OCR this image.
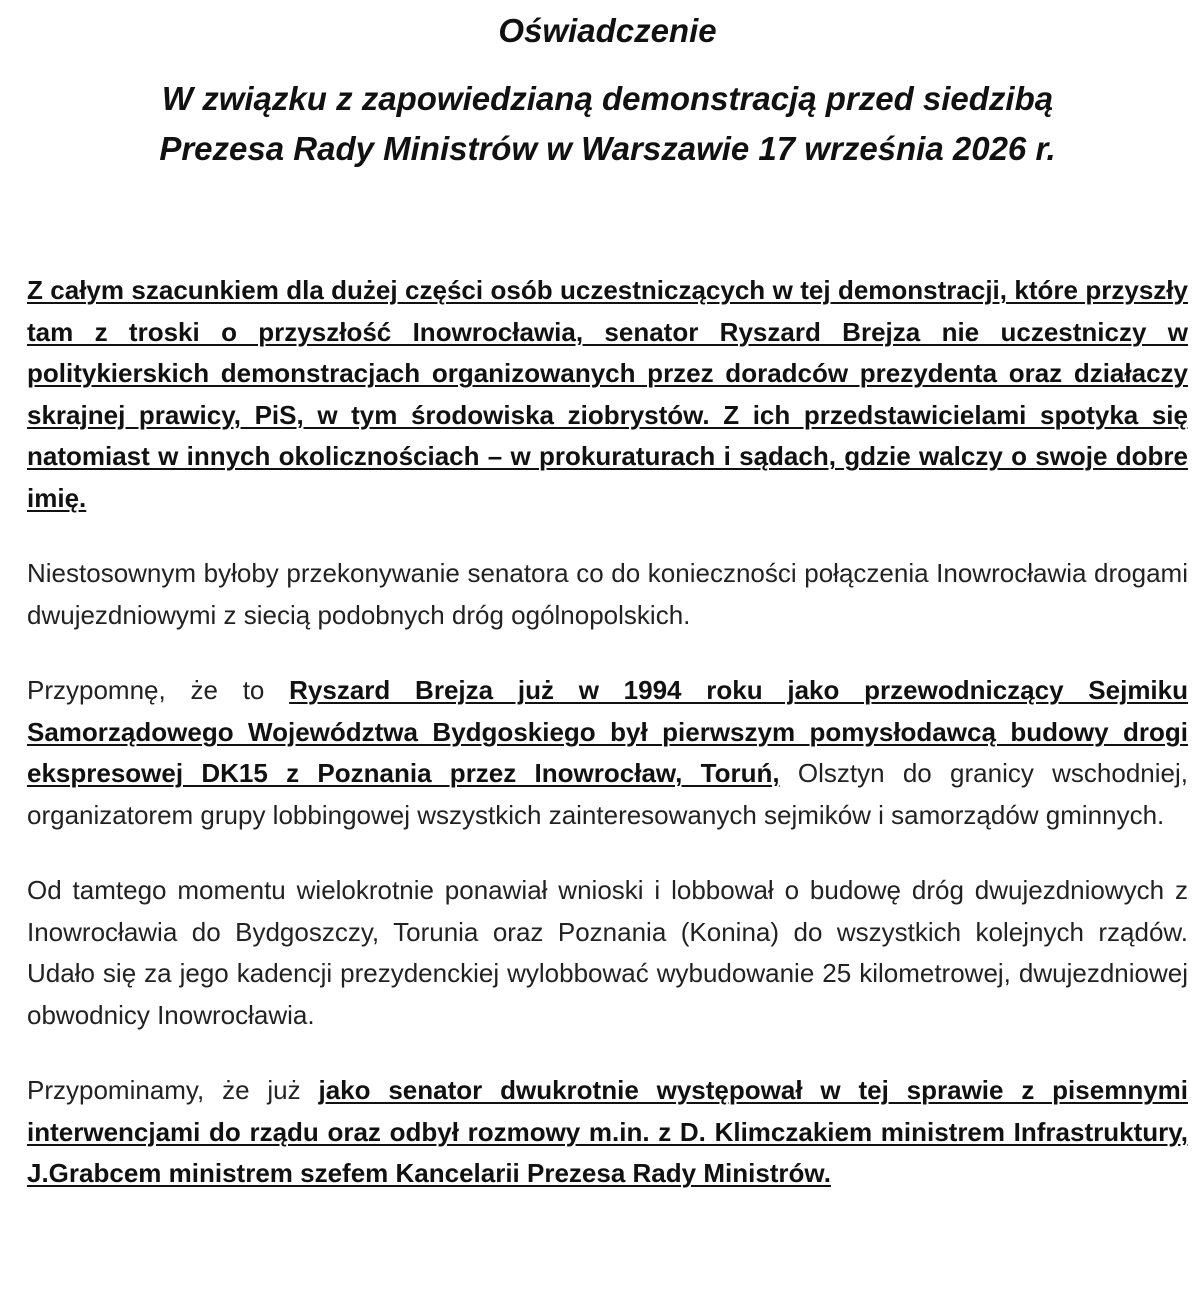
Oświadczenie
W związku z zapowiedzianą demonstracją przed siedzibą
Prezesa Rady Ministrów w Warszawie 17 września 2026 r.

Z całym szacunkiem dla dużej części osób uczestniczących w tej demonstracji, które przyszły tam z troski o przyszłość Inowrocławia, senator Ryszard Brejza nie uczestniczy w politykierskich demonstracjach organizowanych przez doradców prezydenta oraz działaczy skrajnej prawicy, PiS, w tym środowiska ziobrystów. Z ich przedstawicielami spotyka się natomiast w innych okolicznościach – w prokuraturach i sądach, gdzie walczy o swoje dobre imię.

Niestosownym byłoby przekonywanie senatora co do konieczności połączenia Inowrocławia drogami dwujezdniowymi z siecią podobnych dróg ogólnopolskich.

Przypomnę, że to Ryszard Brejza już w 1994 roku jako przewodniczący Sejmiku Samorządowego Województwa Bydgoskiego był pierwszym pomysłodawcą budowy drogi ekspresowej DK15 z Poznania przez Inowrocław, Toruń, Olsztyn do granicy wschodniej, organizatorem grupy lobbingowej wszystkich zainteresowanych sejmików i samorządów gminnych.

Od tamtego momentu wielokrotnie ponawiał wnioski i lobbował o budowę dróg dwujezdniowych z Inowrocławia do Bydgoszczy, Torunia oraz Poznania (Konina) do wszystkich kolejnych rządów. Udało się za jego kadencji prezydenckiej wylobbować wybudowanie 25 kilometrowej, dwujezdniowej obwodnicy Inowrocławia.

Przypominamy, że już jako senator dwukrotnie występował w tej sprawie z pisemnymi interwencjami do rządu oraz odbył rozmowy m.in. z D. Klimczakiem ministrem Infrastruktury, J.Grabcem ministrem szefem Kancelarii Prezesa Rady Ministrów.
